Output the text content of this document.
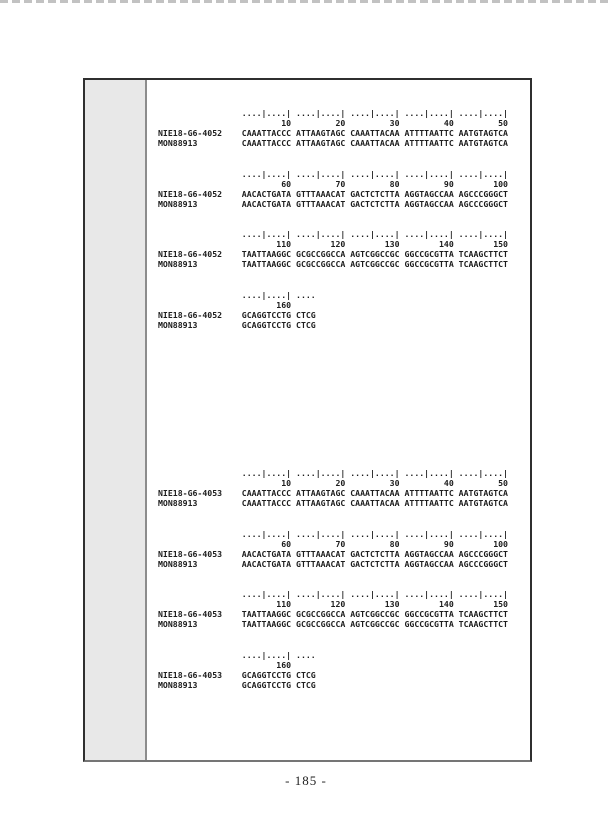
....|....| ....|....| ....|....| ....|....| ....|....|
10         20         30         40         50
NIE18-G6-4052    CAAATTACCC ATTAAGTAGC CAAATTACAA ATTTTAATTC AATGTAGTCA
MON88913         CAAATTACCC ATTAAGTAGC CAAATTACAA ATTTTAATTC AATGTAGTCA
....|....| ....|....| ....|....| ....|....| ....|....|
60         70         80         90        100
NIE18-G6-4052    AACACTGATA GTTTAAACAT GACTCTCTTA AGGTAGCCAA AGCCCGGGCT
MON88913         AACACTGATA GTTTAAACAT GACTCTCTTA AGGTAGCCAA AGCCCGGGCT
....|....| ....|....| ....|....| ....|....| ....|....|
110        120        130        140        150
NIE18-G6-4052    TAATTAAGGC GCGCCGGCCA AGTCGGCCGC GGCCGCGTTA TCAAGCTTCT
MON88913         TAATTAAGGC GCGCCGGCCA AGTCGGCCGC GGCCGCGTTA TCAAGCTTCT
....|....| ....
160
NIE18-G6-4052    GCAGGTCCTG CTCG
MON88913         GCAGGTCCTG CTCG
....|....| ....|....| ....|....| ....|....| ....|....|
10         20         30         40         50
NIE18-G6-4053    CAAATTACCC ATTAAGTAGC CAAATTACAA ATTTTAATTC AATGTAGTCA
MON88913         CAAATTACCC ATTAAGTAGC CAAATTACAA ATTTTAATTC AATGTAGTCA
....|....| ....|....| ....|....| ....|....| ....|....|
60         70         80         90        100
NIE18-G6-4053    AACACTGATA GTTTAAACAT GACTCTCTTA AGGTAGCCAA AGCCCGGGCT
MON88913         AACACTGATA GTTTAAACAT GACTCTCTTA AGGTAGCCAA AGCCCGGGCT
....|....| ....|....| ....|....| ....|....| ....|....|
110        120        130        140        150
NIE18-G6-4053    TAATTAAGGC GCGCCGGCCA AGTCGGCCGC GGCCGCGTTA TCAAGCTTCT
MON88913         TAATTAAGGC GCGCCGGCCA AGTCGGCCGC GGCCGCGTTA TCAAGCTTCT
....|....| ....
160
NIE18-G6-4053    GCAGGTCCTG CTCG
MON88913         GCAGGTCCTG CTCG
- 185 -
